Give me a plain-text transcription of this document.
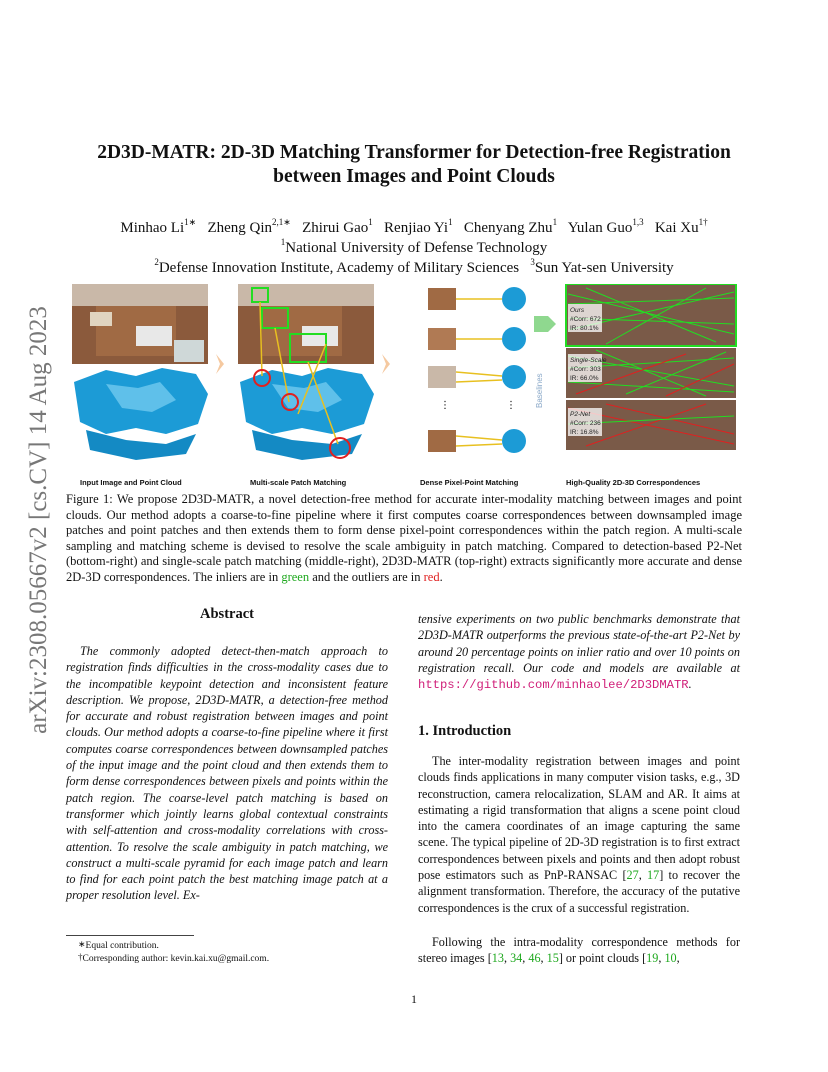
arXiv:2308.05667v2 [cs.CV] 14 Aug 2023
2D3D-MATR: 2D-3D Matching Transformer for Detection-free Registration
between Images and Point Clouds
Minhao $Li^{1∗}$ Zheng Qin$^{2,1∗}$ Zhirui Gao$^1$ Renjiao Yi$^1$ Chenyang Zhu$^1$ Yulan Guo$^{1,3}$ Kai $Xu^{1\dagger}$
$^1$National University of Defense Technology
$^2$Defense Innovation Institute, Academy of Military Sciences $^3$Sun Yat-sen University
⋮	⋮ Baselines
Ours
#Corr: 672
IR: 80.1%
Single-Scale
#Corr: 303
IR: 66.0%
P2-Net
#Corr: 236
IR: 16.8%
Input Image and Point Cloud	Multi-scale Patch Matching	Dense Pixel-Point Matching	High-Quality 2D-3D Correspondences
Figure 1: We propose 2D3D-MATR, a novel detection-free method for accurate inter-modality matching between images and point clouds. Our method adopts a coarse-to-fine pipeline where it first computes coarse correspondences between downsampled image patches and point patches and then extends them to form dense pixel-point correspondences within the patch region. A multi-scale sampling and matching scheme is devised to resolve the scale ambiguity in patch matching. Compared to detection-based P2-Net (bottom-right) and single-scale patch matching (middle-right), 2D3D-MATR (top-right) extracts significantly more accurate and dense 2D-3D correspondences. The inliers are in green and the outliers are in red.
Abstract
The commonly adopted detect-then-match approach to registration finds difficulties in the cross-modality cases due to the incompatible keypoint detection and inconsistent feature description. We propose, 2D3D-MATR, a detection-free method for accurate and robust registration between images and point clouds. Our method adopts a coarse-to-fine pipeline where it first computes coarse correspondences between downsampled patches of the input image and the point cloud and then extends them to form dense correspondences between pixels and points within the patch region. The coarse-level patch matching is based on transformer which jointly learns global contextual constraints with self-attention and cross-modality correlations with cross-attention. To resolve the scale ambiguity in patch matching, we construct a multi-scale pyramid for each image patch and learn to find for each point patch the best matching image patch at a proper resolution level. Ex-
∗Equal contribution.
†Corresponding author: kevin.kai.xu@gmail.com.
tensive experiments on two public benchmarks demonstrate that 2D3D-MATR outperforms the previous state-of-the-art P2-Net by around 20 percentage points on inlier ratio and over 10 points on registration recall. Our code and models are available at https://github.com/minhaolee/2D3DMATR.
1. Introduction
The inter-modality registration between images and point clouds finds applications in many computer vision tasks, e.g., 3D reconstruction, camera relocalization, SLAM and AR. It aims at estimating a rigid transformation that aligns a scene point cloud into the camera coordinates of an image capturing the same scene. The typical pipeline of 2D-3D registration is to first extract correspondences between pixels and points and then adopt robust pose estimators such as PnP-RANSAC [27, 17] to recover the alignment transformation. Therefore, the accuracy of the putative correspondences is the crux of a successful registration.
Following the intra-modality correspondence methods for stereo images [13, 34, 46, 15] or point clouds [19, 10,
1
